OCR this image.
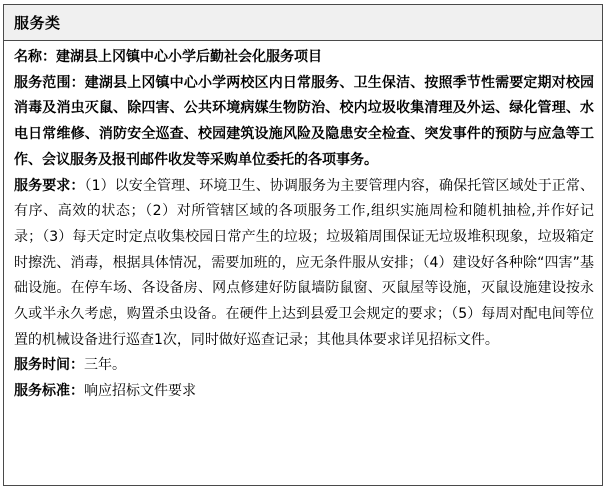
服务类

名称：建湖县上冈镇中心小学后勤社会化服务项目

服务范围：建湖县上冈镇中心小学两校区内日常服务、卫生保洁、按照季节性需要定期对校园消毒及消虫灭鼠、除四害、公共环境病媒生物防治、校内垃圾收集清理及外运、绿化管理、水电日常维修、消防安全巡查、校园建筑设施风险及隐患安全检查、突发事件的预防与应急等工作、会议服务及报刊邮件收发等采购单位委托的各项事务。

服务要求：（1）以安全管理、环境卫生、协调服务为主要管理内容，确保托管区域处于正常、有序、高效的状态；（2）对所管辖区域的各项服务工作,组织实施周检和随机抽检,并作好记录；（3）每天定时定点收集校园日常产生的垃圾；垃圾箱周围保证无垃圾堆积现象，垃圾箱定时擦洗、消毒，根据具体情况，需要加班的，应无条件服从安排；（4）建设好各种除“四害”基础设施。在停车场、各设备房、网点修建好防鼠墙防鼠窗、灭鼠屋等设施，灭鼠设施建设按永久或半永久考虑，购置杀虫设备。在硬件上达到县爱卫会规定的要求；（5）每周对配电间等位置的机械设备进行巡查1次，同时做好巡查记录；其他具体要求详见招标文件。

服务时间：三年。

服务标准：响应招标文件要求
